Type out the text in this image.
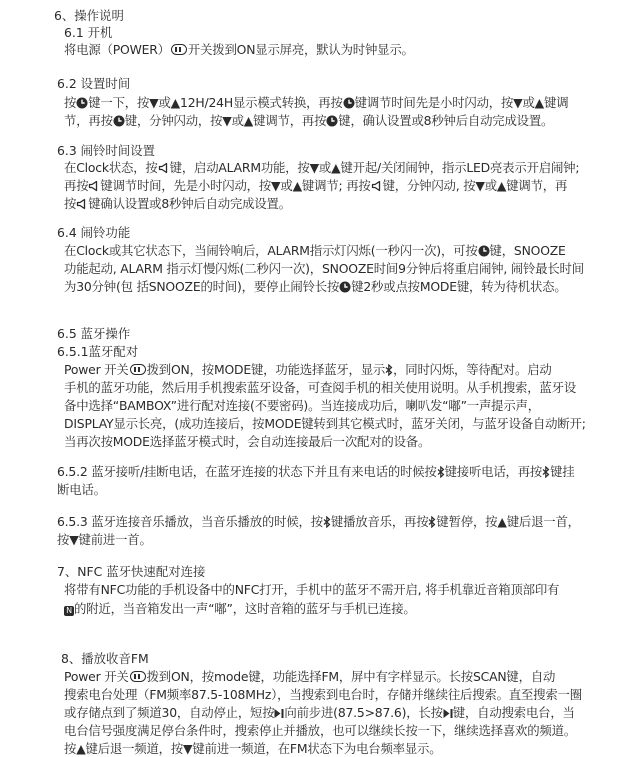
6、操作说明
6.1 开机
将电源（POWER） 开关拨到ON显示屏亮，默认为时钟显示。
6.2 设置时间
按 键一下，按▼或▲12H/24H显示模式转换，再按 键调节时间先是小时闪动，按▼或▲键调
节，再按 键，分钟闪动，按▼或▲键调节，再按 键，确认设置或8秒钟后自动完成设置。
6.3 闹铃时间设置
在Clock状态，按 键，启动ALARM功能，按▼或▲键开起/关闭闹钟，指示LED亮表示开启闹钟;
再按 键调节时间，先是小时闪动，按▼或▲键调节; 再按 键，分钟闪动, 按▼或▲键调节，再
按 键确认设置或8秒钟后自动完成设置。
6.4 闹铃功能
在Clock或其它状态下，当闹铃响后，ALARM指示灯闪烁(一秒闪一次)，可按 键，SNOOZE
功能起动, ALARM 指示灯慢闪烁(二秒闪一次)，SNOOZE时间9分钟后将重启闹钟, 闹铃最长时间
为30分钟(包 括SNOOZE的时间)，要停止闹铃长按 键2秒或点按MODE键，转为待机状态。
6.5 蓝牙操作
6.5.1蓝牙配对
Power 开关 拨到ON，按MODE键，功能选择蓝牙，显示 ，同时闪烁，等待配对。启动
手机的蓝牙功能，然后用手机搜索蓝牙设备，可查阅手机的相关使用说明。从手机搜索，蓝牙设
备中选择“BAMBOX”进行配对连接(不要密码)。当连接成功后，喇叭发“嘟”一声提示声，
DISPLAY显示长亮，(成功连接后，按MODE键转到其它模式时，蓝牙关闭，与蓝牙设备自动断开;
当再次按MODE选择蓝牙模式时，会自动连接最后一次配对的设备。
6.5.2 蓝牙接听/挂断电话，在蓝牙连接的状态下并且有来电话的时候按 键接听电话，再按 键挂
断电话。
6.5.3 蓝牙连接音乐播放，当音乐播放的时候，按 键播放音乐，再按 键暂停，按▲键后退一首，
按▼键前进一首。
7、NFC 蓝牙快速配对连接
将带有NFC功能的手机设备中的NFC打开，手机中的蓝牙不需开启, 将手机靠近音箱顶部印有
N 的附近，当音箱发出一声“嘟”，这时音箱的蓝牙与手机已连接。
8、播放收音FM
Power 开关 拨到ON，按mode键，功能选择FM，屏中有字样显示。长按SCAN键，自动
搜索电台处理（FM频率87.5-108MHz），当搜索到电台时，存储并继续往后搜索。直至搜索一圈
或存储点到了频道30，自动停止，短按 向前步进(87.5>87.6)，长按 键，自动搜索电台，当
电台信号强度满足停台条件时，搜索停止并播放，也可以继续长按一下，继续选择喜欢的频道。
按▲键后退一频道，按▼键前进一频道，在FM状态下为电台频率显示。
